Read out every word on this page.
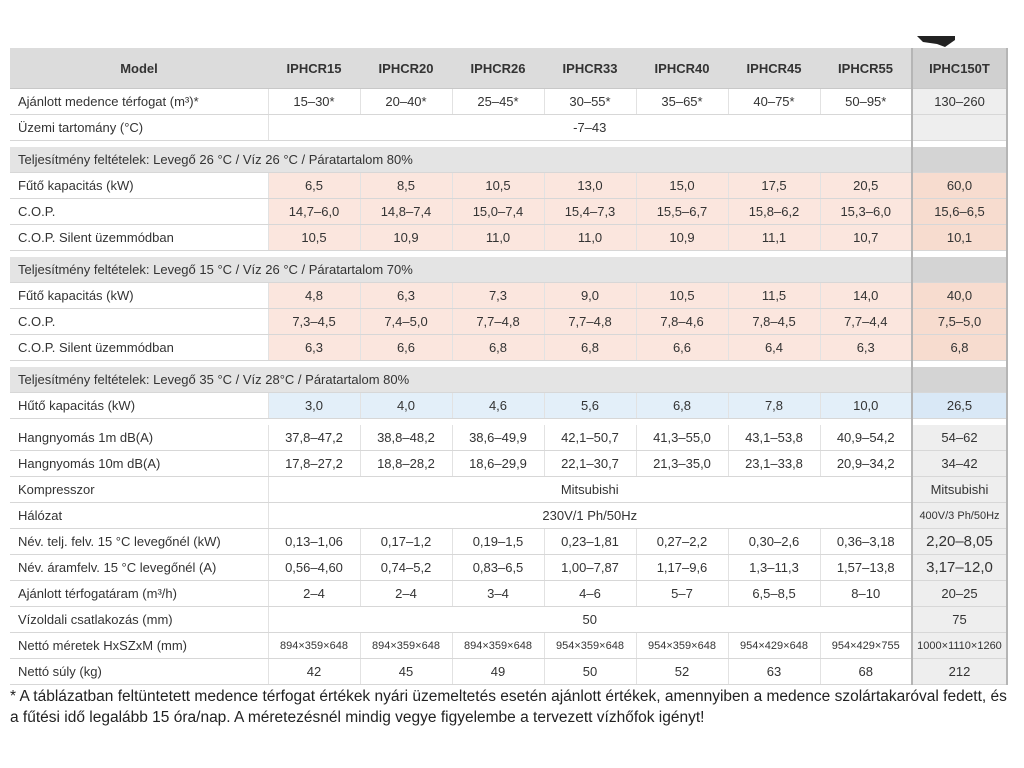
Model	IPHCR15	IPHCR20	IPHCR26	IPHCR33	IPHCR40	IPHCR45	IPHCR55	IPHC150T
Ajánlott medence térfogat (m³)*	15–30*	20–40*	25–45*	30–55*	35–65*	40–75*	50–95*	130–260
Üzemi tartomány (°C)	-7–43							

Teljesítmény feltételek: Levegő 26 °C / Víz 26 °C / Páratartalom 80%								
Fűtő kapacitás (kW)	6,5	8,5	10,5	13,0	15,0	17,5	20,5	60,0
C.O.P.	14,7–6,0	14,8–7,4	15,0–7,4	15,4–7,3	15,5–6,7	15,8–6,2	15,3–6,0	15,6–6,5
C.O.P. Silent üzemmódban	10,5	10,9	11,0	11,0	10,9	11,1	10,7	10,1

Teljesítmény feltételek: Levegő 15 °C / Víz 26 °C / Páratartalom 70%								
Fűtő kapacitás (kW)	4,8	6,3	7,3	9,0	10,5	11,5	14,0	40,0
C.O.P.	7,3–4,5	7,4–5,0	7,7–4,8	7,7–4,8	7,8–4,6	7,8–4,5	7,7–4,4	7,5–5,0
C.O.P. Silent üzemmódban	6,3	6,6	6,8	6,8	6,6	6,4	6,3	6,8

Teljesítmény feltételek: Levegő 35 °C / Víz 28°C / Páratartalom 80%								
Hűtő kapacitás (kW)	3,0	4,0	4,6	5,6	6,8	7,8	10,0	26,5

Hangnyomás 1m dB(A)	37,8–47,2	38,8–48,2	38,6–49,9	42,1–50,7	41,3–55,0	43,1–53,8	40,9–54,2	54–62
Hangnyomás 10m dB(A)	17,8–27,2	18,8–28,2	18,6–29,9	22,1–30,7	21,3–35,0	23,1–33,8	20,9–34,2	34–42
Kompresszor	Mitsubishi							Mitsubishi
Hálózat	230V/1 Ph/50Hz							400V/3 Ph/50Hz
Név. telj. felv. 15 °C levegőnél (kW)	0,13–1,06	0,17–1,2	0,19–1,5	0,23–1,81	0,27–2,2	0,30–2,6	0,36–3,18	2,20–8,05
Név. áramfelv. 15 °C levegőnél (A)	0,56–4,60	0,74–5,2	0,83–6,5	1,00–7,87	1,17–9,6	1,3–11,3	1,57–13,8	3,17–12,0
Ajánlott térfogatáram (m³/h)	2–4	2–4	3–4	4–6	5–7	6,5–8,5	8–10	20–25
Vízoldali csatlakozás (mm)	50							75
Nettó méretek HxSZxM (mm)	894×359×648	894×359×648	894×359×648	954×359×648	954×359×648	954×429×648	954×429×755	1000×1110×1260
Nettó súly (kg)	42	45	49	50	52	63	68	212
* A táblázatban feltüntetett medence térfogat értékek nyári üzemeltetés esetén ajánlott értékek, amennyiben a medence szolártakaróval fedett, és a fűtési idő legalább 15 óra/nap. A méretezésnél mindig vegye figyelembe a tervezett vízhőfok igényt!
